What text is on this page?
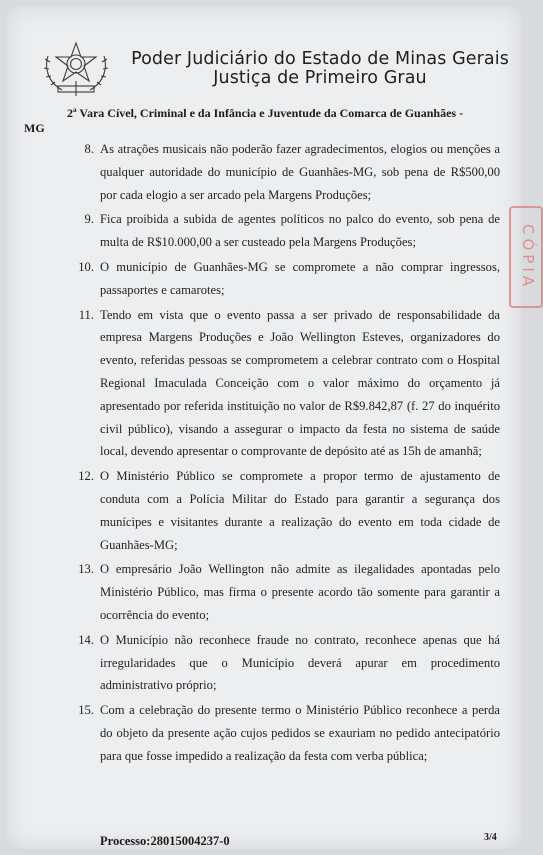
Poder Judiciário do Estado de Minas Gerais
Justiça de Primeiro Grau
2ª Vara Cível, Criminal e da Infância e Juventude da Comarca de Guanhães -
MG
8. As atrações musicais não poderão fazer agradecimentos, elogios ou menções a qualquer autoridade do município de Guanhães-MG, sob pena de R$500,00 por cada elogio a ser arcado pela Margens Produções;
9. Fica proibida a subida de agentes políticos no palco do evento, sob pena de multa de R$10.000,00 a ser custeado pela Margens Produções;
10. O município de Guanhães-MG se compromete a não comprar ingressos, passaportes e camarotes;
11. Tendo em vista que o evento passa a ser privado de responsabilidade da empresa Margens Produções e João Wellington Esteves, organizadores do evento, referidas pessoas se comprometem a celebrar contrato com o Hospital Regional Imaculada Conceição com o valor máximo do orçamento já apresentado por referida instituição no valor de R$9.842,87 (f. 27 do inquérito civil público), visando a assegurar o impacto da festa no sistema de saúde local, devendo apresentar o comprovante de depósito até as 15h de amanhã;
12. O Ministério Público se compromete a propor termo de ajustamento de conduta com a Polícia Militar do Estado para garantir a segurança dos munícipes e visitantes durante a realização do evento em toda cidade de Guanhães-MG;
13. O empresário João Wellington não admite as ilegalidades apontadas pelo Ministério Público, mas firma o presente acordo tão somente para garantir a ocorrência do evento;
14. O Município não reconhece fraude no contrato, reconhece apenas que há irregularidades que o Município deverá apurar em procedimento administrativo próprio;
15. Com a celebração do presente termo o Ministério Público reconhece a perda do objeto da presente ação cujos pedidos se exauriam no pedido antecipatório para que fosse impedido a realização da festa com verba pública;
CÓPIA
Processo:28015004237-0	3/4
